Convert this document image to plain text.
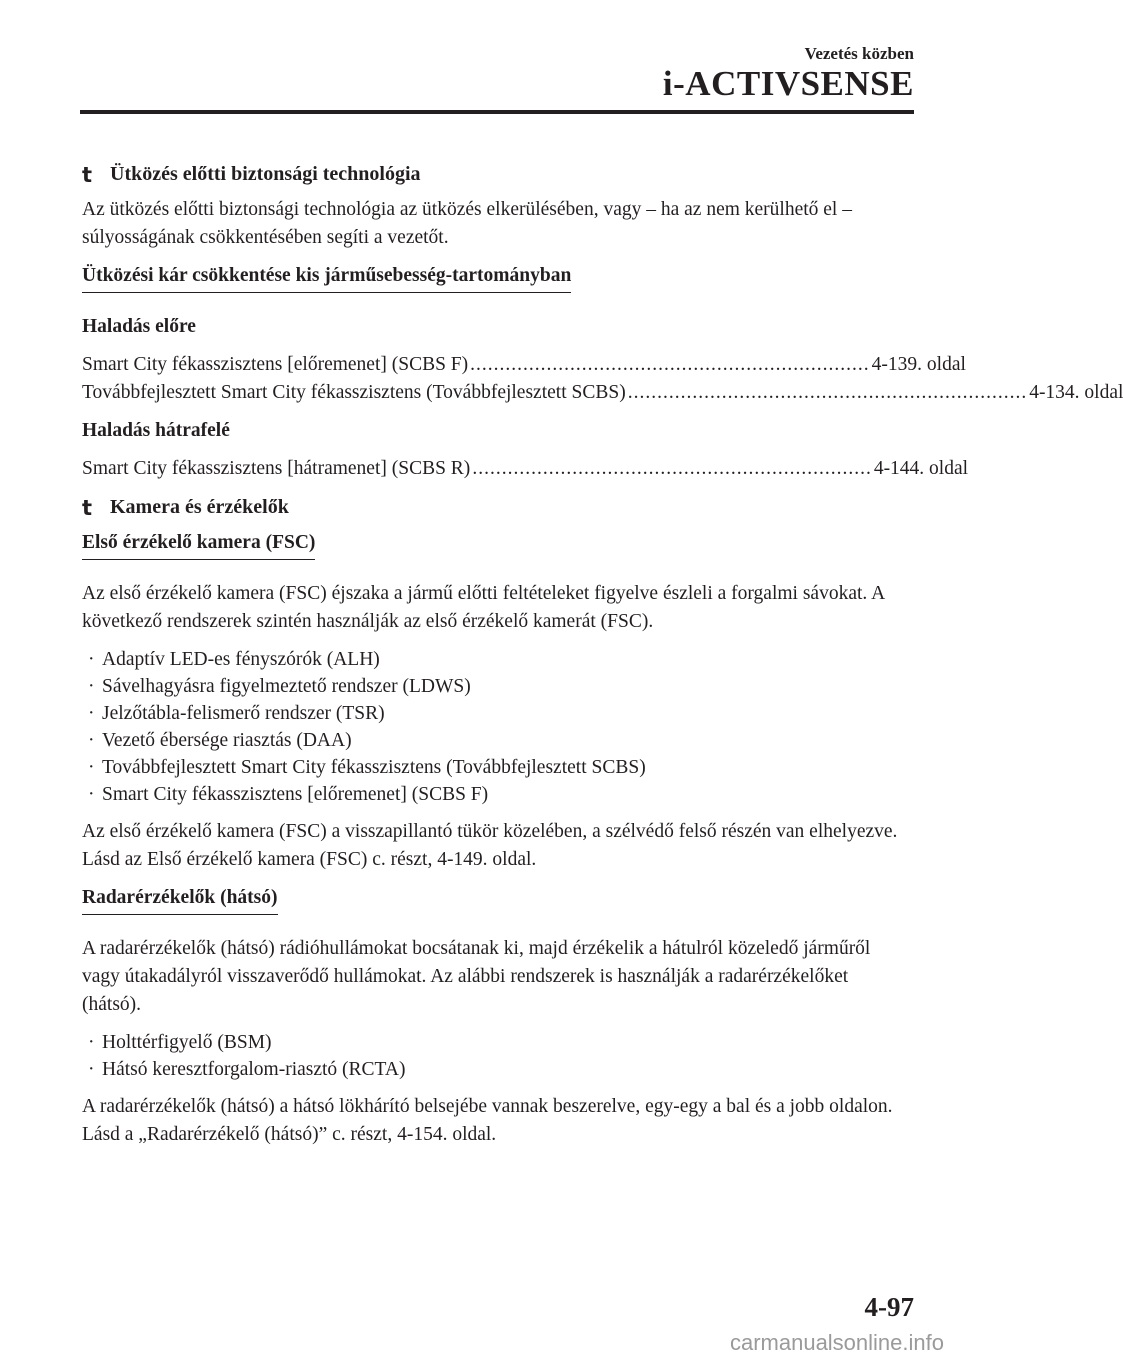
Vezetés közben
i-ACTIVSENSE
t Ütközés előtti biztonsági technológia

Az ütközés előtti biztonsági technológia az ütközés elkerülésében, vagy – ha az nem kerülhető el – súlyosságának csökkentésében segíti a vezetőt.

Ütközési kár csökkentése kis járműsebesség-tartományban
Haladás előre
Smart City fékasszisztens [előremenet] (SCBS F) .................................................................... 4-139. oldal
Továbbfejlesztett Smart City fékasszisztens (Továbbfejlesztett SCBS) .................................................................... 4-134. oldal
Haladás hátrafelé
Smart City fékasszisztens [hátramenet] (SCBS R) .................................................................... 4-144. oldal
t Kamera és érzékelők
Első érzékelő kamera (FSC)

Az első érzékelő kamera (FSC) éjszaka a jármű előtti feltételeket figyelve észleli a forgalmi sávokat. A következő rendszerek szintén használják az első érzékelő kamerát (FSC).

· Adaptív LED-es fényszórók (ALH)
· Sávelhagyásra figyelmeztető rendszer (LDWS)
· Jelzőtábla-felismerő rendszer (TSR)
· Vezető ébersége riasztás (DAA)
· Továbbfejlesztett Smart City fékasszisztens (Továbbfejlesztett SCBS)
· Smart City fékasszisztens [előremenet] (SCBS F)

Az első érzékelő kamera (FSC) a visszapillantó tükör közelében, a szélvédő felső részén van elhelyezve.

Lásd az Első érzékelő kamera (FSC) c. részt, 4-149. oldal.

Radarérzékelők (hátsó)

A radarérzékelők (hátsó) rádióhullámokat bocsátanak ki, majd érzékelik a hátulról közeledő járműről vagy útakadályról visszaverődő hullámokat. Az alábbi rendszerek is használják a radarérzékelőket (hátsó).

· Holttérfigyelő (BSM)
· Hátsó keresztforgalom-riasztó (RCTA)

A radarérzékelők (hátsó) a hátsó lökhárító belsejébe vannak beszerelve, egy-egy a bal és a jobb oldalon.

Lásd a „Radarérzékelő (hátsó)” c. részt, 4-154. oldal.

4-97
carmanualsonline.info
